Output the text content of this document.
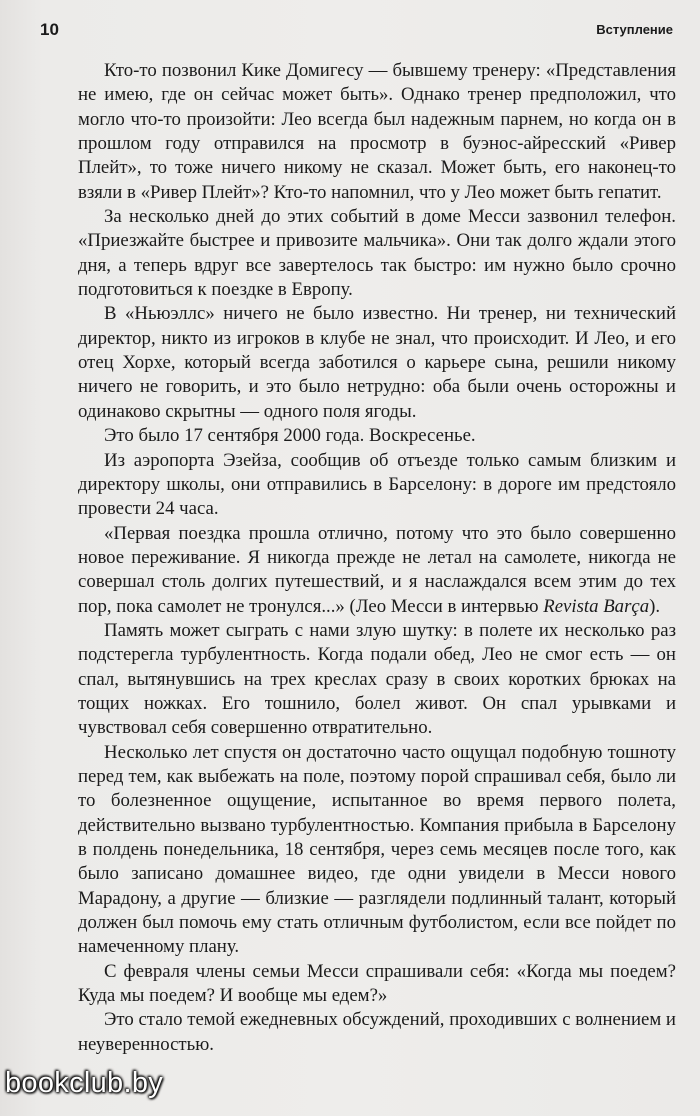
10	Вступление

Кто-то позвонил Кике Домигесу — бывшему тренеру: «Представления не имею, где он сейчас может быть». Однако тренер предположил, что могло что-то произойти: Лео всегда был надежным парнем, но когда он в прошлом году отправился на просмотр в буэнос-айресский «Ривер Плейт», то тоже ничего никому не сказал. Может быть, его наконец-то взяли в «Ривер Плейт»? Кто-то напомнил, что у Лео может быть гепатит.

За несколько дней до этих событий в доме Месси зазвонил телефон. «Приезжайте быстрее и привозите мальчика». Они так долго ждали этого дня, а теперь вдруг все завертелось так быстро: им нужно было срочно подготовиться к поездке в Европу.

В «Ньюэллс» ничего не было известно. Ни тренер, ни технический директор, никто из игроков в клубе не знал, что происходит. И Лео, и его отец Хорхе, который всегда заботился о карьере сына, решили никому ничего не говорить, и это было нетрудно: оба были очень осторожны и одинаково скрытны — одного поля ягоды.

Это было 17 сентября 2000 года. Воскресенье.

Из аэропорта Эзейза, сообщив об отъезде только самым близким и директору школы, они отправились в Барселону: в дороге им предстояло провести 24 часа.

«Первая поездка прошла отлично, потому что это было совершенно новое переживание. Я никогда прежде не летал на самолете, никогда не совершал столь долгих путешествий, и я наслаждался всем этим до тех пор, пока самолет не тронулся...» (Лео Месси в интервью Revista Barça).

Память может сыграть с нами злую шутку: в полете их несколько раз подстерегла турбулентность. Когда подали обед, Лео не смог есть — он спал, вытянувшись на трех креслах сразу в своих коротких брюках на тощих ножках. Его тошнило, болел живот. Он спал урывками и чувствовал себя совершенно отвратительно.

Несколько лет спустя он достаточно часто ощущал подобную тошноту перед тем, как выбежать на поле, поэтому порой спрашивал себя, было ли то болезненное ощущение, испытанное во время первого полета, действительно вызвано турбулентностью. Компания прибыла в Барселону в полдень понедельника, 18 сентября, через семь месяцев после того, как было записано домашнее видео, где одни увидели в Месси нового Марадону, а другие — близкие — разглядели подлинный талант, который должен был помочь ему стать отличным футболистом, если все пойдет по намеченному плану.

С февраля члены семьи Месси спрашивали себя: «Когда мы поедем? Куда мы поедем? И вообще мы едем?»

Это стало темой ежедневных обсуждений, проходивших с волнением и неуверенностью.

bookclub.by
